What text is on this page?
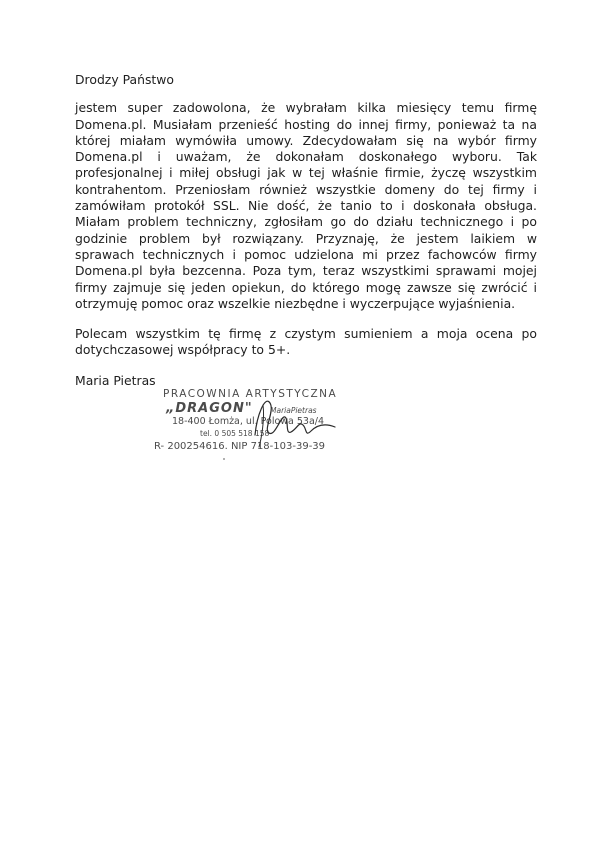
Drodzy Państwo

jestem super zadowolona, że wybrałam kilka miesięcy temu firmę
Domena.pl. Musiałam przenieść hosting do innej firmy, ponieważ ta na
której miałam wymówiła umowy. Zdecydowałam się na wybór firmy
Domena.pl i uważam, że dokonałam doskonałego wyboru. Tak
profesjonalnej i miłej obsługi jak w tej właśnie firmie, życzę wszystkim
kontrahentom. Przeniosłam również wszystkie domeny do tej firmy i
zamówiłam protokół SSL. Nie dość, że tanio to i doskonała obsługa.
Miałam problem techniczny, zgłosiłam go do działu technicznego i po
godzinie problem był rozwiązany. Przyznaję, że jestem laikiem w
sprawach technicznych i pomoc udzielona mi przez fachowców firmy
Domena.pl była bezcenna. Poza tym, teraz wszystkimi sprawami mojej
firmy zajmuje się jeden opiekun, do którego mogę zawsze się zwrócić i
otrzymuję pomoc oraz wszelkie niezbędne i wyczerpujące wyjaśnienia.
Polecam wszystkim tę firmę z czystym sumieniem a moja ocena po
dotychczasowej współpracy to 5+.

Maria Pietras

PRACOWNIA ARTYSTYCZNA
„DRAGON" MariaPietras
18-400 Łomża, ul. Polowa 53a/4
tel. 0 505 518 158
R- 200254616. NIP 718-103-39-39
